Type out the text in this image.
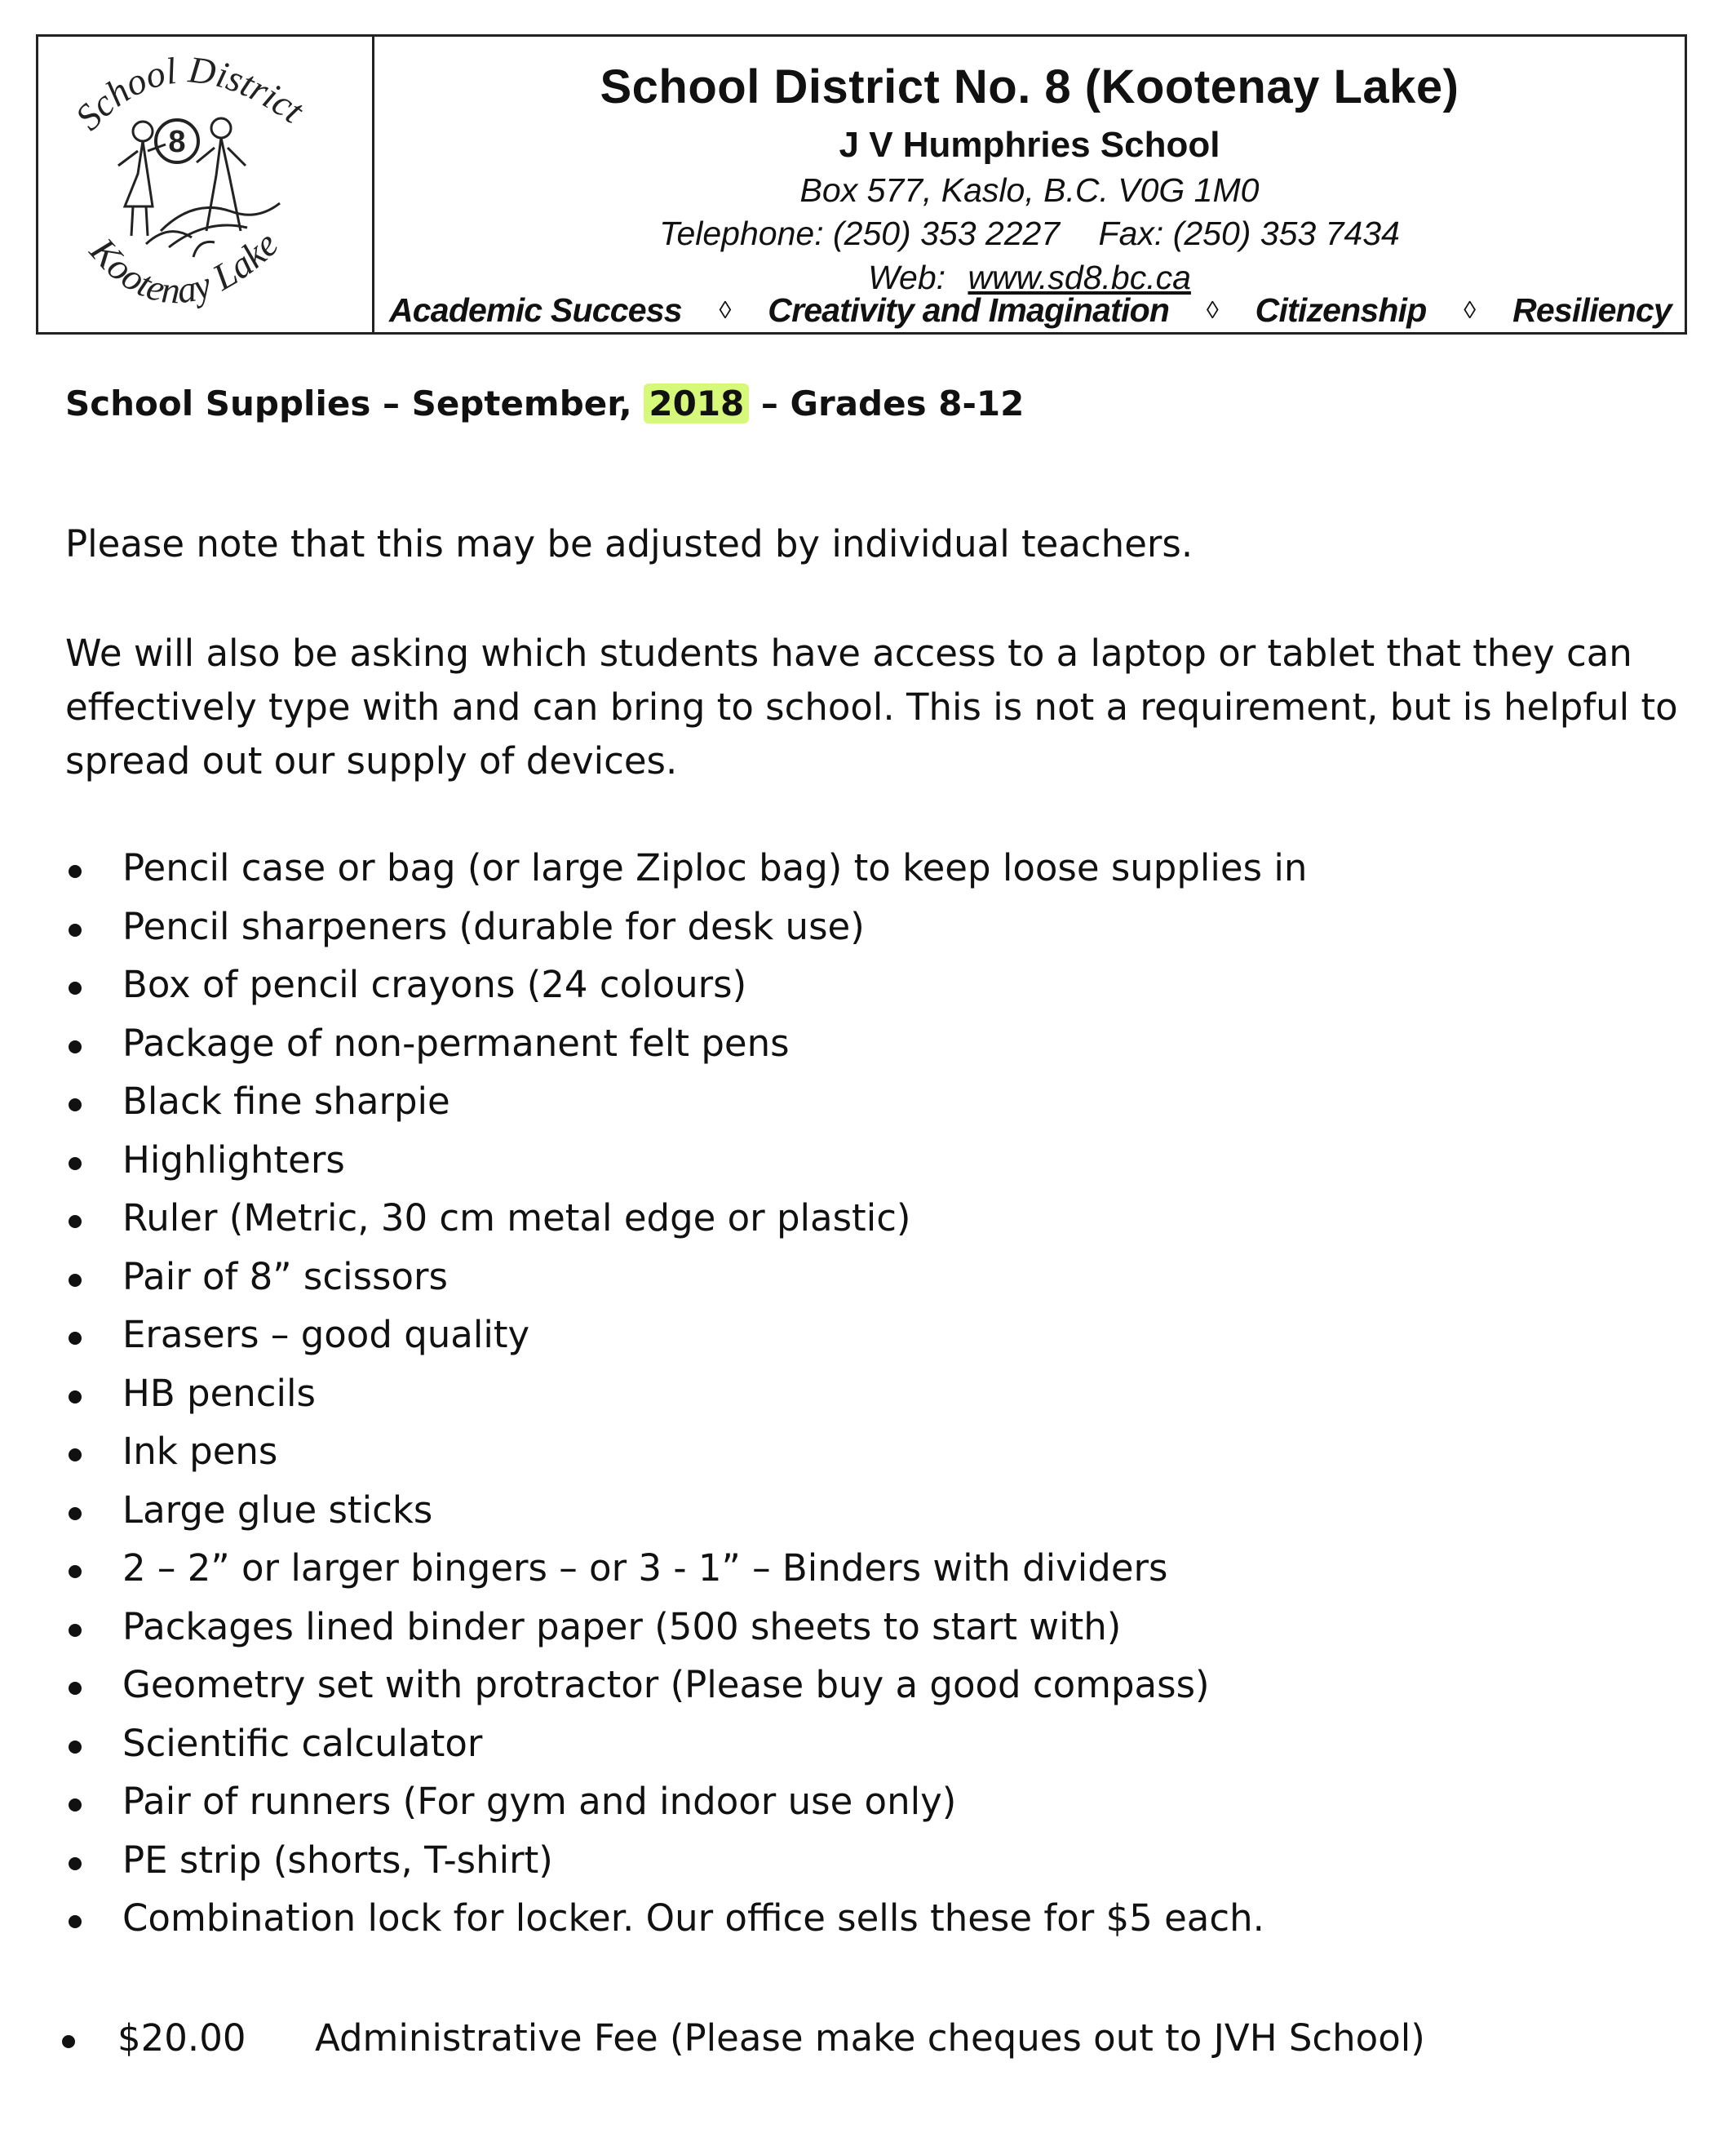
School District
Kootenay Lake
8
School District No. 8 (Kootenay Lake)
J V Humphries School
Box 577, Kaslo, B.C. V0G 1M0
Telephone: (250) 353 2227 Fax: (250) 353 7434
Web: www.sd8.bc.ca
Academic Success ◊ Creativity and Imagination ◊ Citizenship ◊ Resiliency
School Supplies – September, 2018 – Grades 8-12
Please note that this may be adjusted by individual teachers.
We will also be asking which students have access to a laptop or tablet that they can effectively type with and can bring to school. This is not a requirement, but is helpful to spread out our supply of devices.
Pencil case or bag (or large Ziploc bag) to keep loose supplies in
Pencil sharpeners (durable for desk use)
Box of pencil crayons (24 colours)
Package of non-permanent felt pens
Black fine sharpie
Highlighters
Ruler (Metric, 30 cm metal edge or plastic)
Pair of 8” scissors
Erasers – good quality
HB pencils
Ink pens
Large glue sticks
2 – 2” or larger bingers – or 3 - 1” – Binders with dividers
Packages lined binder paper (500 sheets to start with)
Geometry set with protractor (Please buy a good compass)
Scientific calculator
Pair of runners (For gym and indoor use only)
PE strip (shorts, T-shirt)
Combination lock for locker. Our office sells these for $5 each.
$20.00 Administrative Fee (Please make cheques out to JVH School)
